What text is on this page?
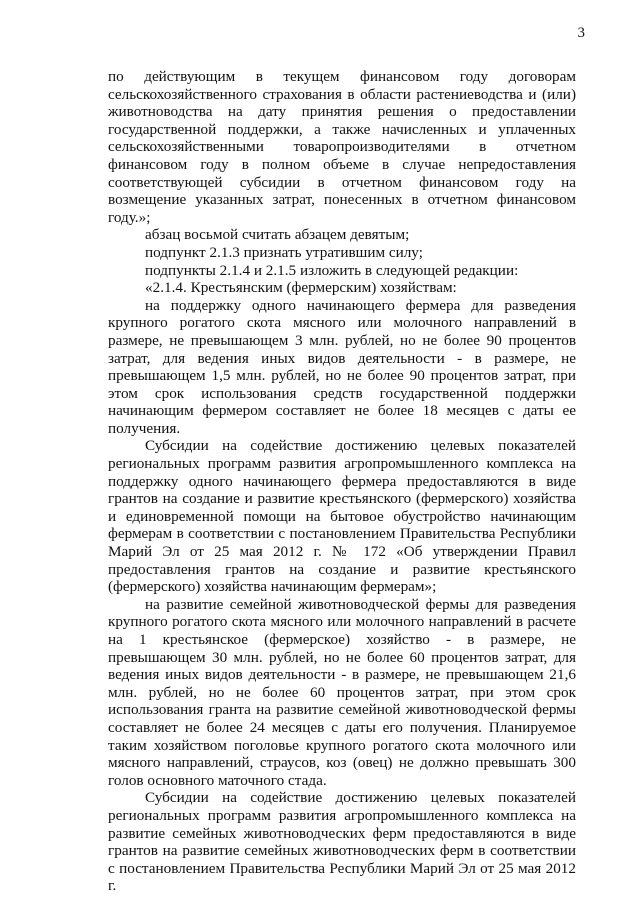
3

по действующим в текущем финансовом году договорам сельскохозяйственного страхования в области растениеводства и (или) животноводства на дату принятия решения о предоставлении государственной поддержки, а также начисленных и уплаченных сельскохозяйственными товаропроизводителями в отчетном финансовом году в полном объеме в случае непредоставления соответствующей субсидии в отчетном финансовом году на возмещение указанных затрат, понесенных в отчетном финансовом году.»;

абзац восьмой считать абзацем девятым;

подпункт 2.1.3 признать утратившим силу;

подпункты 2.1.4 и 2.1.5 изложить в следующей редакции:

«2.1.4. Крестьянским (фермерским) хозяйствам:

на поддержку одного начинающего фермера для разведения крупного рогатого скота мясного или молочного направлений в размере, не превышающем 3 млн. рублей, но не более 90 процентов затрат, для ведения иных видов деятельности - в размере, не превышающем 1,5 млн. рублей, но не более 90 процентов затрат, при этом срок использования средств государственной поддержки начинающим фермером составляет не более 18 месяцев с даты ее получения.

Субсидии на содействие достижению целевых показателей региональных программ развития агропромышленного комплекса на поддержку одного начинающего фермера предоставляются в виде грантов на создание и развитие крестьянского (фермерского) хозяйства и единовременной помощи на бытовое обустройство начинающим фермерам в соответствии с постановлением Правительства Республики Марий Эл от 25 мая 2012 г. № 172 «Об утверждении Правил предоставления грантов на создание и развитие крестьянского (фермерского) хозяйства начинающим фермерам»;

на развитие семейной животноводческой фермы для разведения крупного рогатого скота мясного или молочного направлений в расчете на 1 крестьянское (фермерское) хозяйство - в размере, не превышающем 30 млн. рублей, но не более 60 процентов затрат, для ведения иных видов деятельности - в размере, не превышающем 21,6 млн. рублей, но не более 60 процентов затрат, при этом срок использования гранта на развитие семейной животноводческой фермы составляет не более 24 месяцев с даты его получения. Планируемое таким хозяйством поголовье крупного рогатого скота молочного или мясного направлений, страусов, коз (овец) не должно превышать 300 голов основного маточного стада.

Субсидии на содействие достижению целевых показателей региональных программ развития агропромышленного комплекса на развитие семейных животноводческих ферм предоставляются в виде грантов на развитие семейных животноводческих ферм в соответствии с постановлением Правительства Республики Марий Эл от 25 мая 2012 г.
